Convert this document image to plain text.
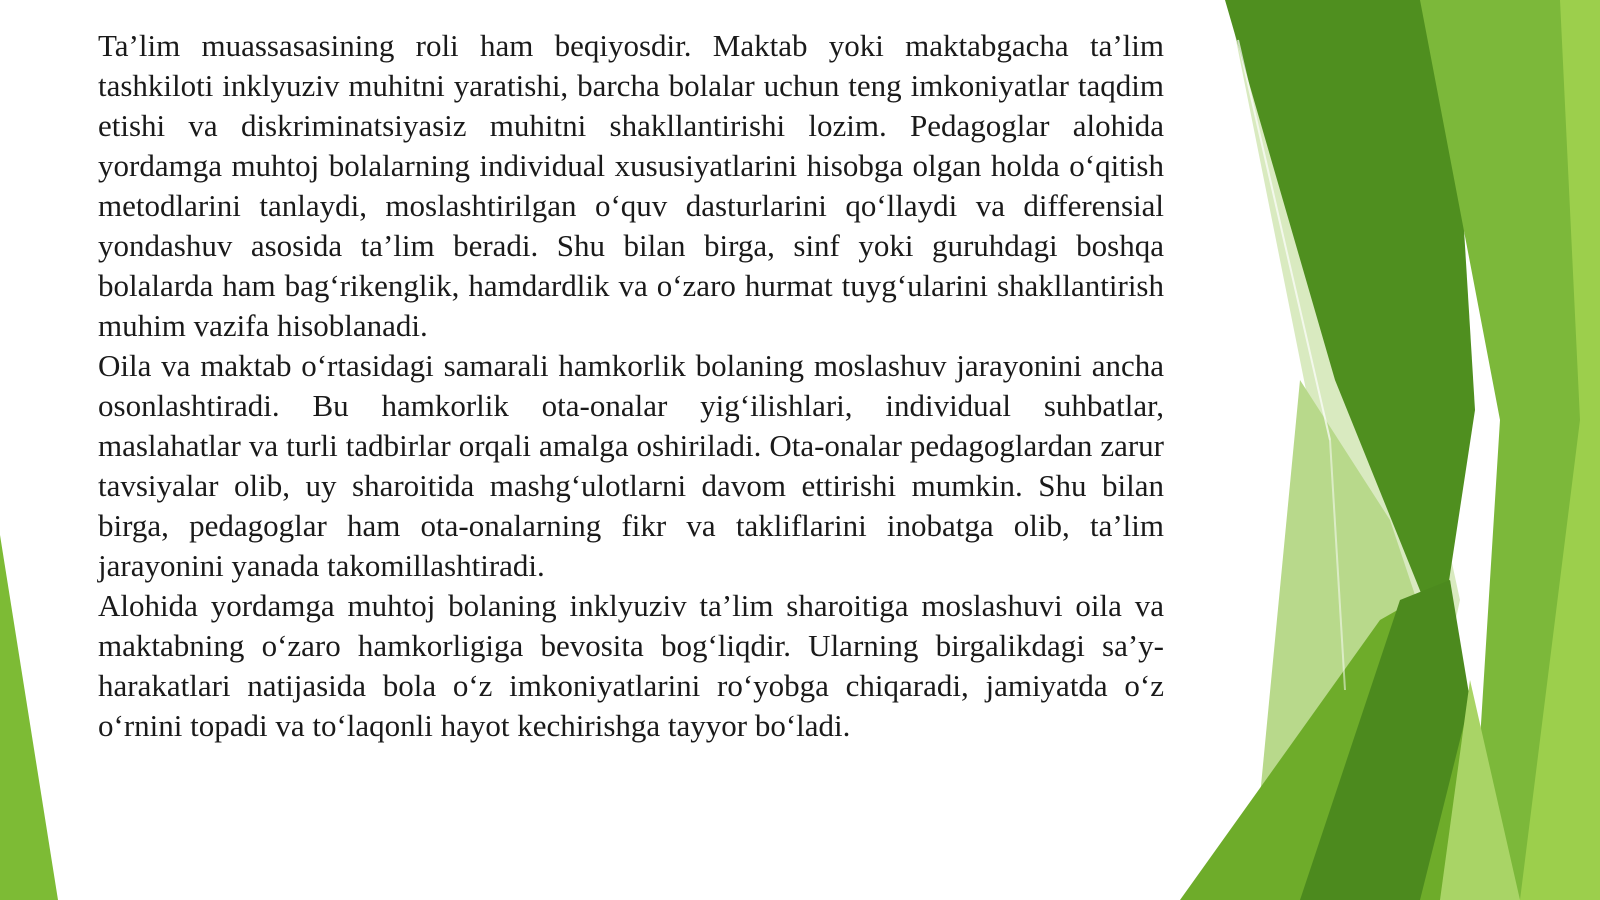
Ta’lim muassasasining roli ham beqiyosdir. Maktab yoki maktabgacha ta’lim tashkiloti inklyuziv muhitni yaratishi, barcha bolalar uchun teng imkoniyatlar taqdim etishi va diskriminatsiyasiz muhitni shakllantirishi lozim. Pedagoglar alohida yordamga muhtoj bolalarning individual xususiyatlarini hisobga olgan holda o‘qitish metodlarini tanlaydi, moslashtirilgan o‘quv dasturlarini qo‘llaydi va differensial yondashuv asosida ta’lim beradi. Shu bilan birga, sinf yoki guruhdagi boshqa bolalarda ham bag‘rikenglik, hamdardlik va o‘zaro hurmat tuyg‘ularini shakllantirish muhim vazifa hisoblanadi.

Oila va maktab o‘rtasidagi samarali hamkorlik bolaning moslashuv jarayonini ancha osonlashtiradi. Bu hamkorlik ota-onalar yig‘ilishlari, individual suhbatlar, maslahatlar va turli tadbirlar orqali amalga oshiriladi. Ota-onalar pedagoglardan zarur tavsiyalar olib, uy sharoitida mashg‘ulotlarni davom ettirishi mumkin. Shu bilan birga, pedagoglar ham ota-onalarning fikr va takliflarini inobatga olib, ta’lim jarayonini yanada takomillashtiradi.

Alohida yordamga muhtoj bolaning inklyuziv ta’lim sharoitiga moslashuvi oila va maktabning o‘zaro hamkorligiga bevosita bog‘liqdir. Ularning birgalikdagi sa’y-harakatlari natijasida bola o‘z imkoniyatlarini ro‘yobga chiqaradi, jamiyatda o‘z o‘rnini topadi va to‘laqonli hayot kechirishga tayyor bo‘ladi.
